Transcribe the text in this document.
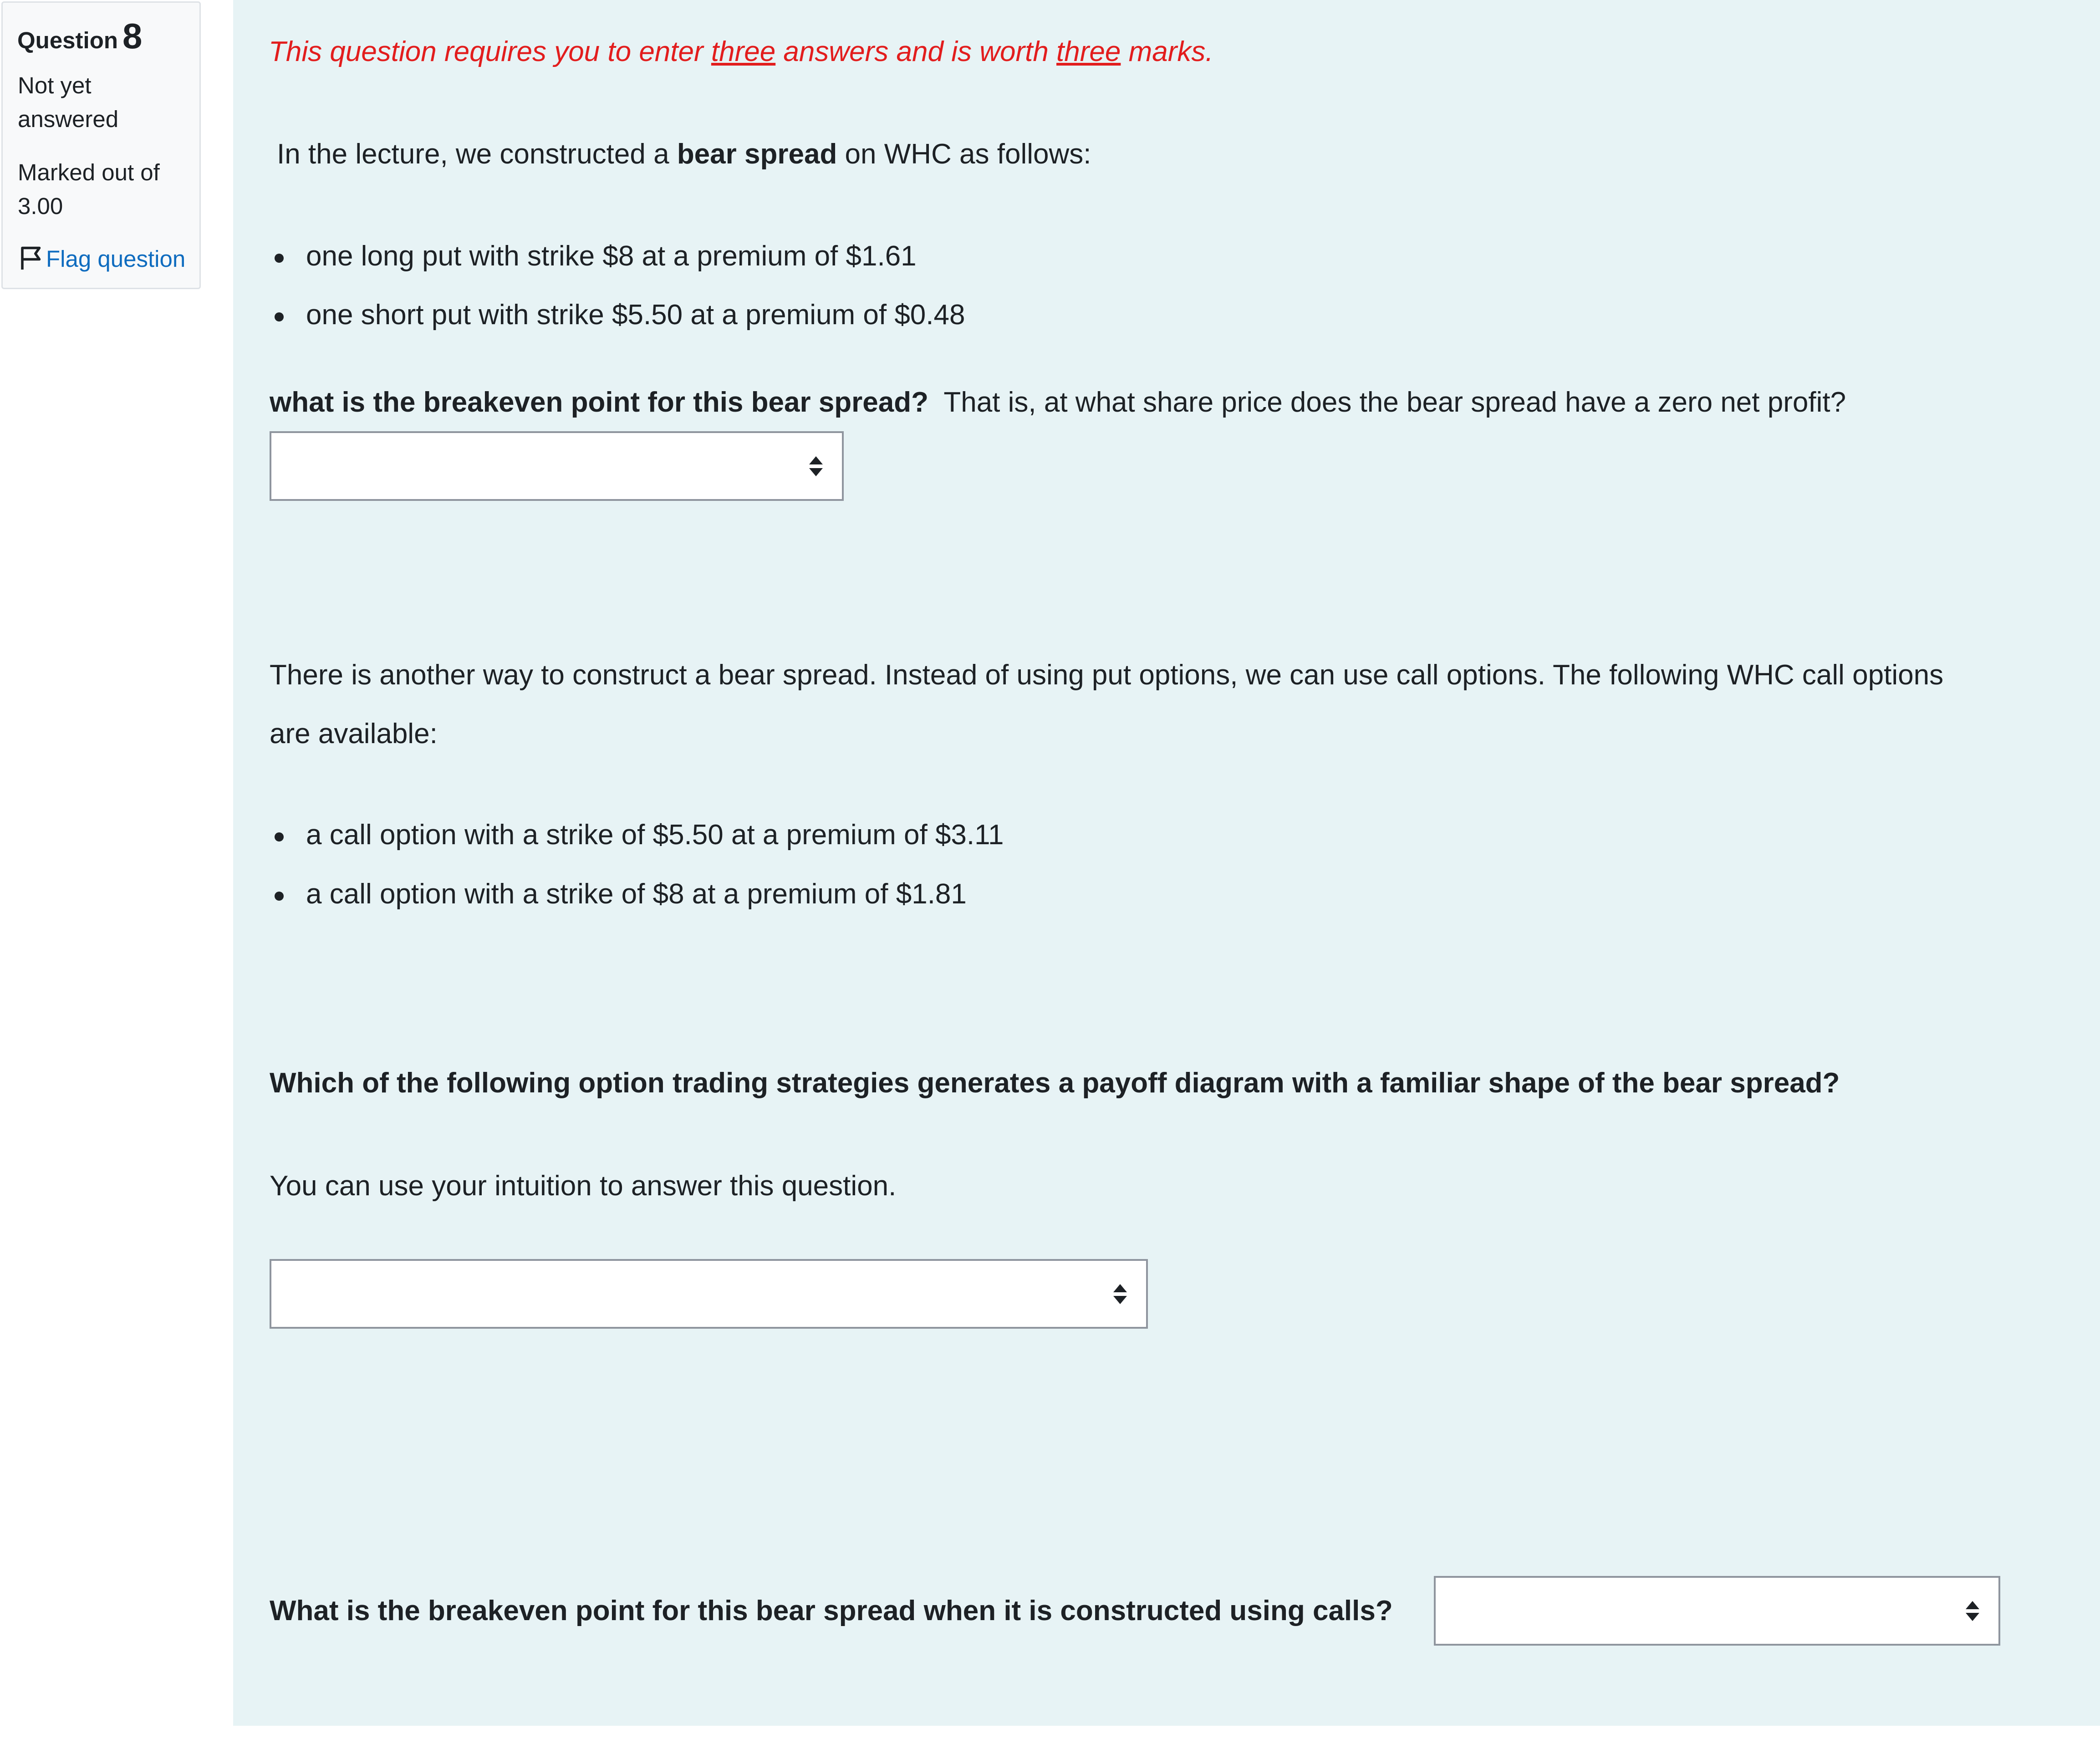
Question 8
Not yet answered
Marked out of 3.00
Flag question
This question requires you to enter three answers and is worth three marks.
In the lecture, we constructed a bear spread on WHC as follows:
one long put with strike $8 at a premium of $1.61
one short put with strike $5.50 at a premium of $0.48
what is the breakeven point for this bear spread?  That is, at what share price does the bear spread have a zero net profit?
There is another way to construct a bear spread. Instead of using put options, we can use call options. The following WHC call options
are available:
a call option with a strike of $5.50 at a premium of $3.11
a call option with a strike of $8 at a premium of $1.81
Which of the following option trading strategies generates a payoff diagram with a familiar shape of the bear spread?
You can use your intuition to answer this question.
What is the breakeven point for this bear spread when it is constructed using calls?
